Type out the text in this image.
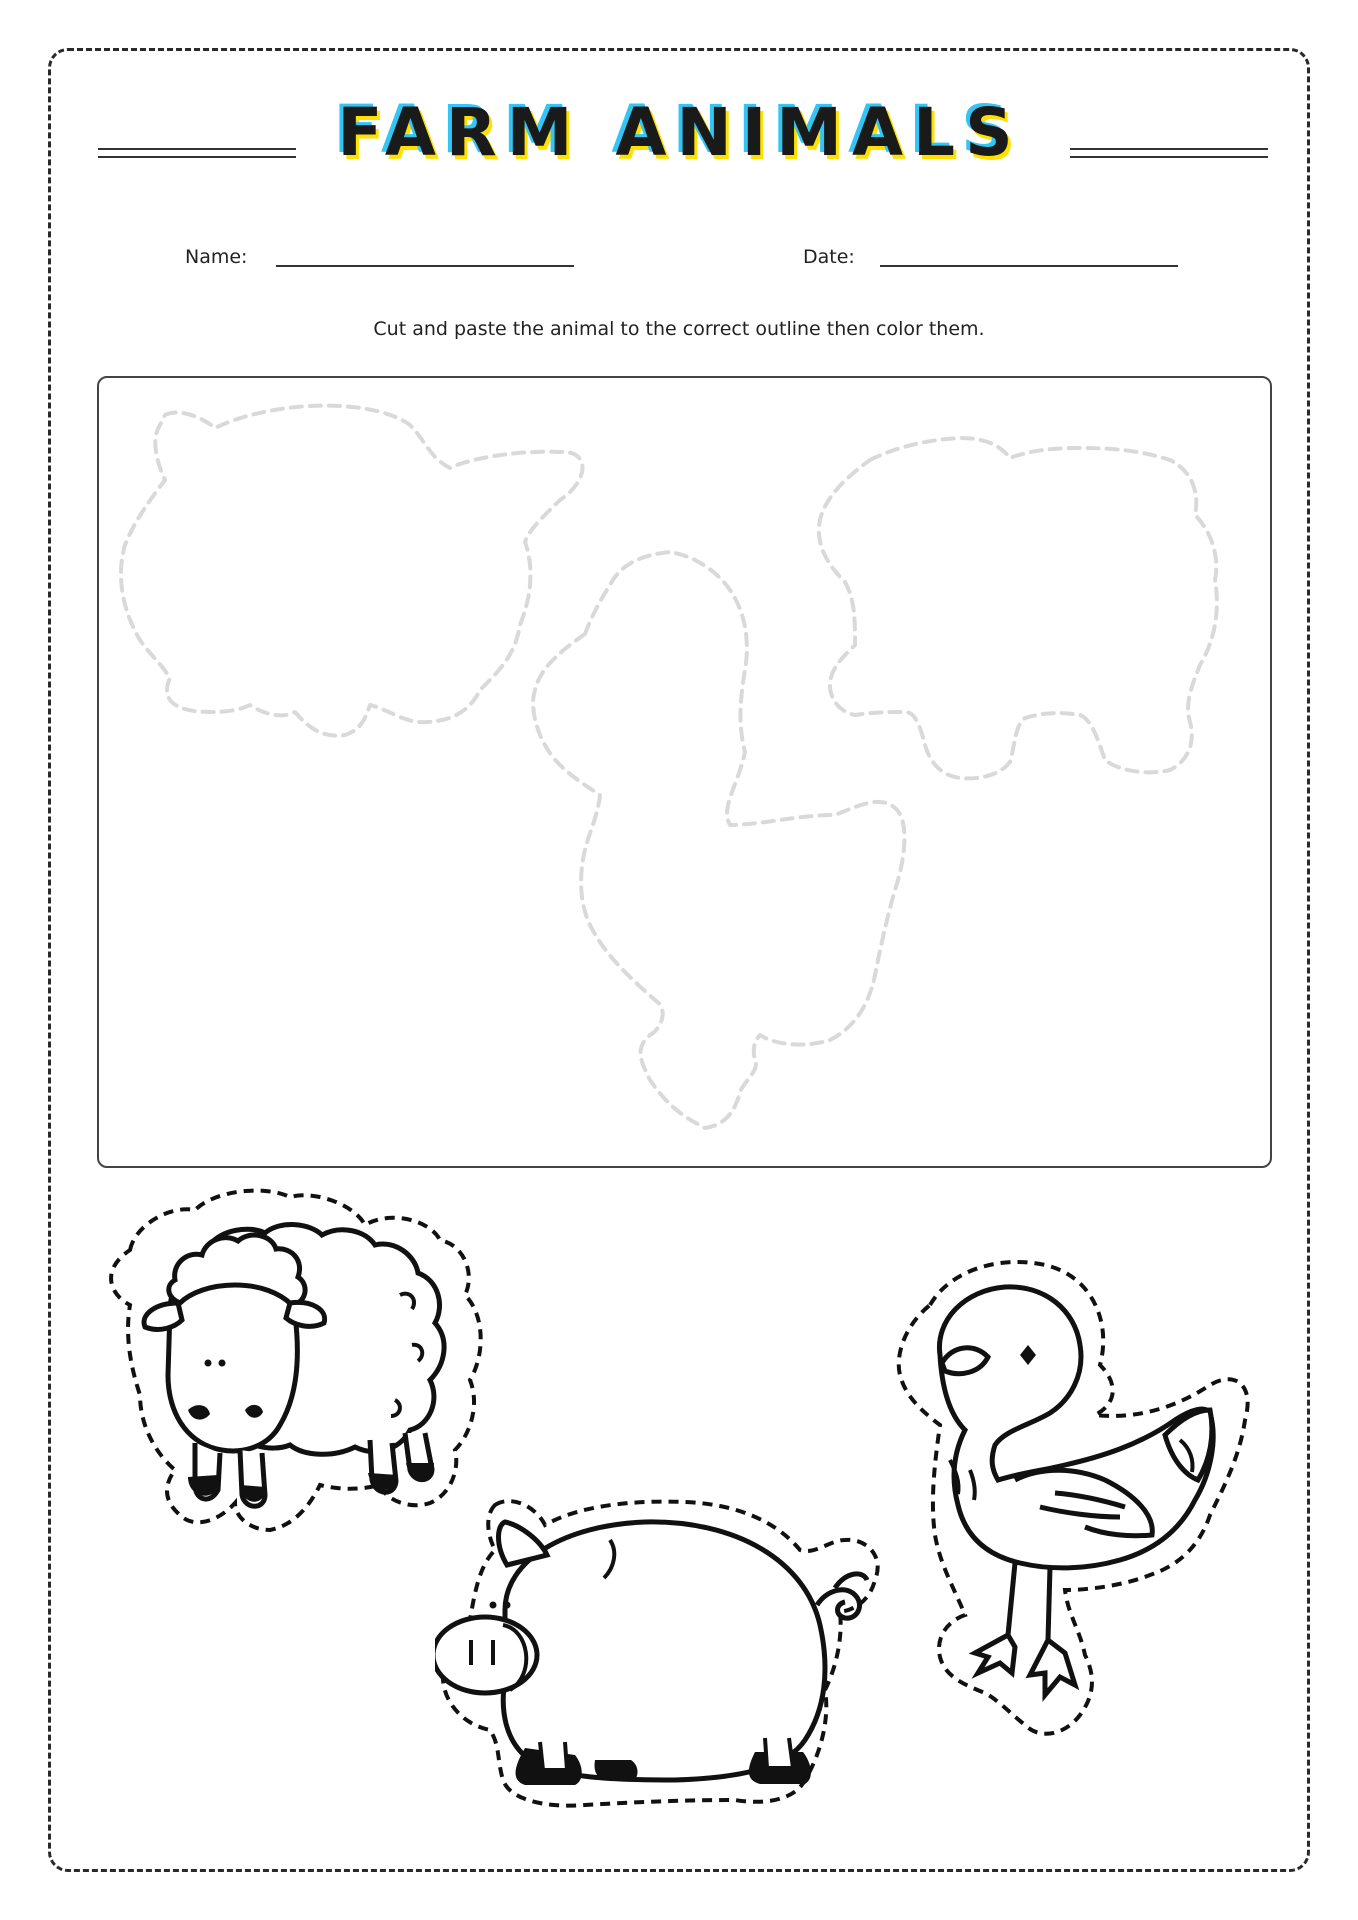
FARM ANIMALS
Name:	Date:
Cut and paste the animal to the correct outline then color them.
